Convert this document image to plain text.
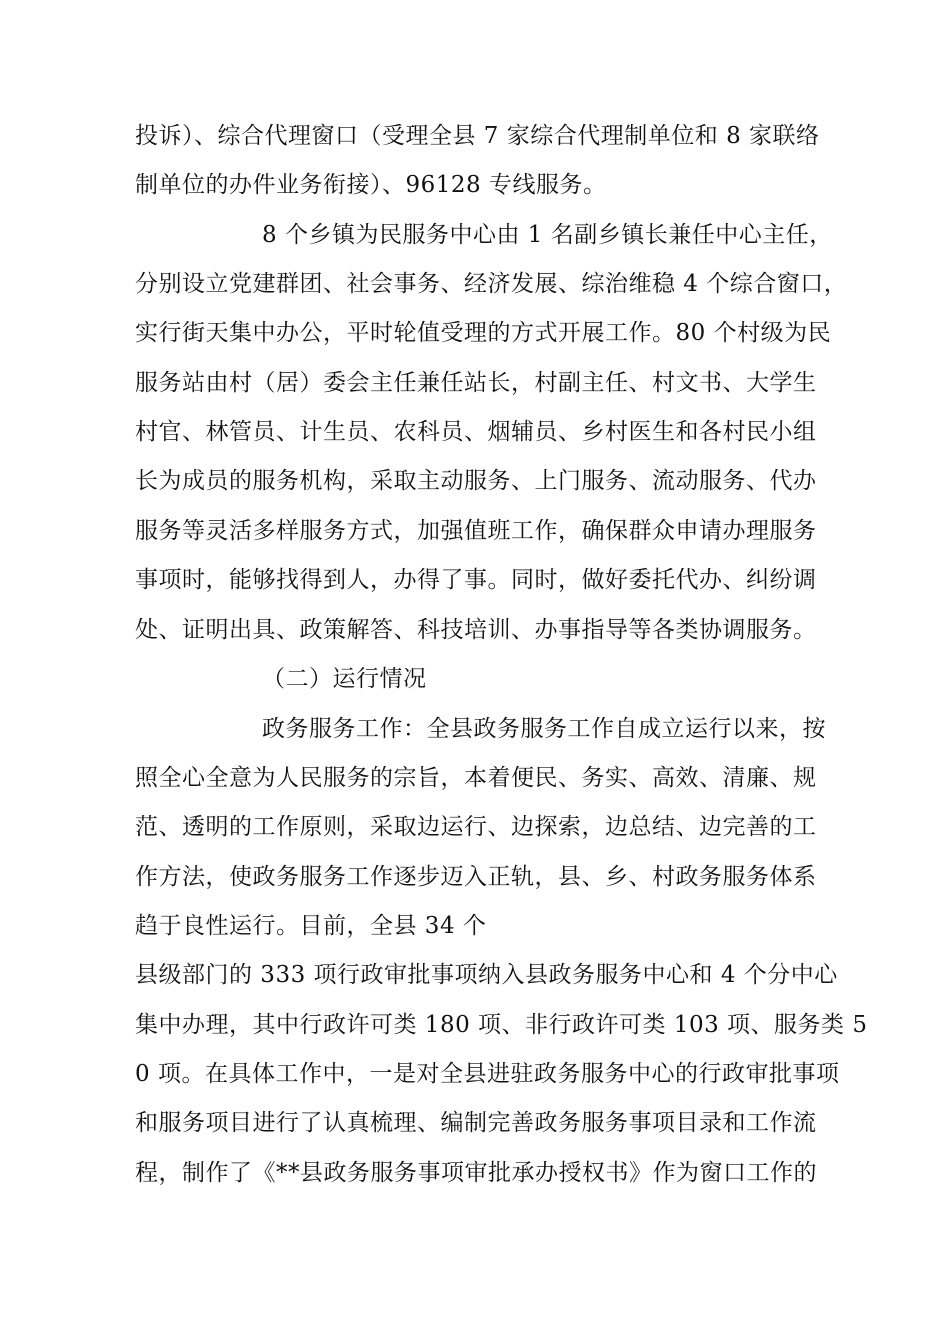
投诉）、综合代理窗口（受理全县 7 家综合代理制单位和 8 家联络
制单位的办件业务衔接）、96128 专线服务。
8 个乡镇为民服务中心由 1 名副乡镇长兼任中心主任，
分别设立党建群团、社会事务、经济发展、综治维稳 4 个综合窗口，
实行街天集中办公，平时轮值受理的方式开展工作。80 个村级为民
服务站由村（居）委会主任兼任站长，村副主任、村文书、大学生
村官、林管员、计生员、农科员、烟辅员、乡村医生和各村民小组
长为成员的服务机构，采取主动服务、上门服务、流动服务、代办
服务等灵活多样服务方式，加强值班工作，确保群众申请办理服务
事项时，能够找得到人，办得了事。同时，做好委托代办、纠纷调
处、证明出具、政策解答、科技培训、办事指导等各类协调服务。
（二）运行情况
政务服务工作：全县政务服务工作自成立运行以来，按
照全心全意为人民服务的宗旨，本着便民、务实、高效、清廉、规
范、透明的工作原则，采取边运行、边探索，边总结、边完善的工
作方法，使政务服务工作逐步迈入正轨，县、乡、村政务服务体系
趋于良性运行。目前，全县 34 个
县级部门的 333 项行政审批事项纳入县政务服务中心和 4 个分中心
集中办理，其中行政许可类 180 项、非行政许可类 103 项、服务类 5
0 项。在具体工作中，一是对全县进驻政务服务中心的行政审批事项
和服务项目进行了认真梳理、编制完善政务服务事项目录和工作流
程，制作了《**县政务服务事项审批承办授权书》作为窗口工作的
